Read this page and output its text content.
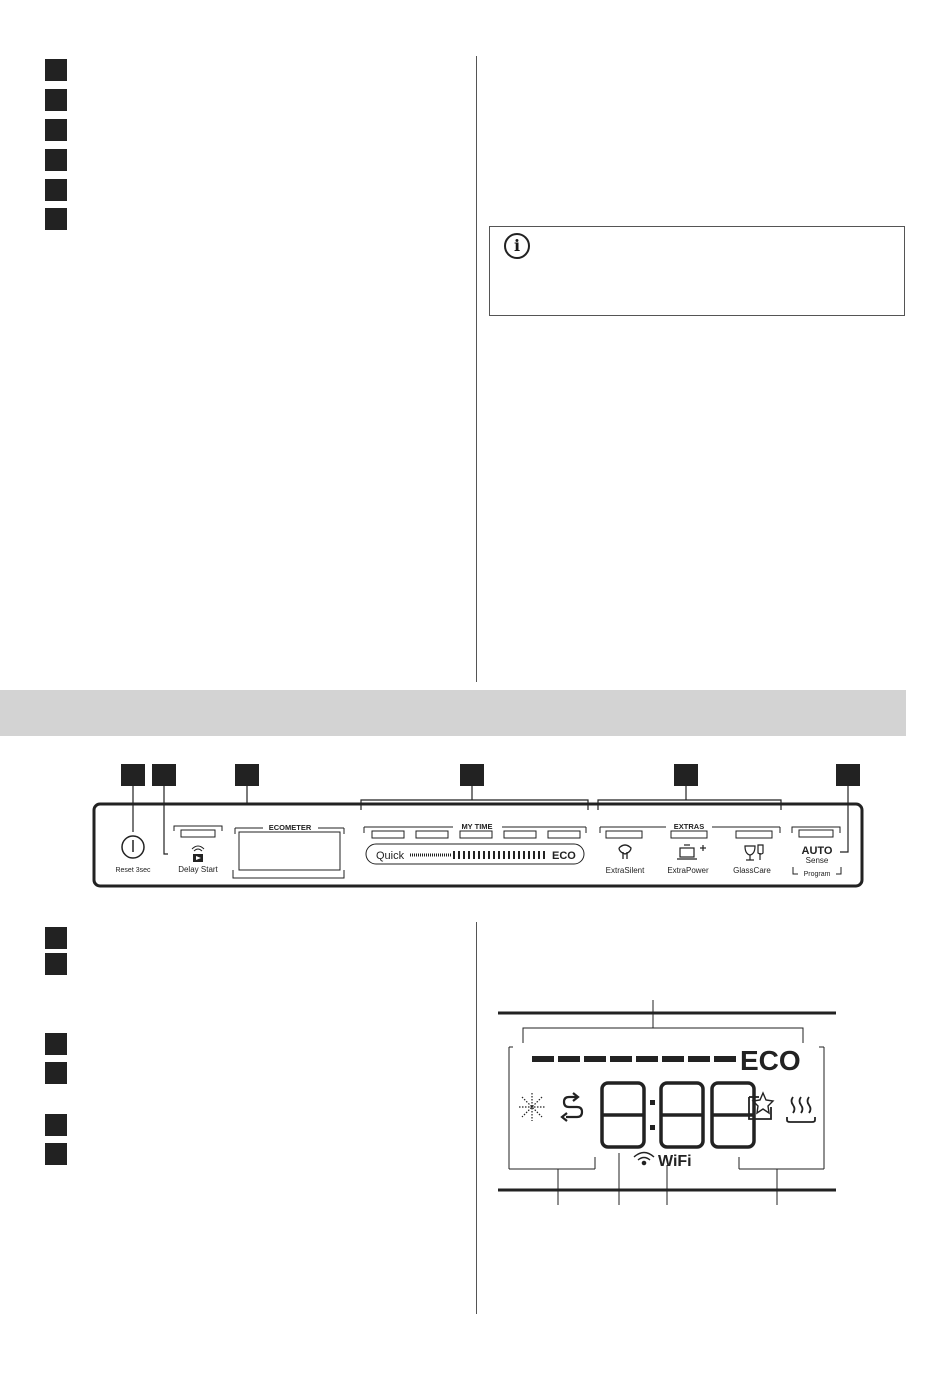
i
Reset 3sec	Delay Start
ECOMETER	MY TIME
Quick	ECO
EXTRAS
ExtraSilent	ExtraPower	GlassCare
AUTO
Sense
Program
ECO
WiFi
